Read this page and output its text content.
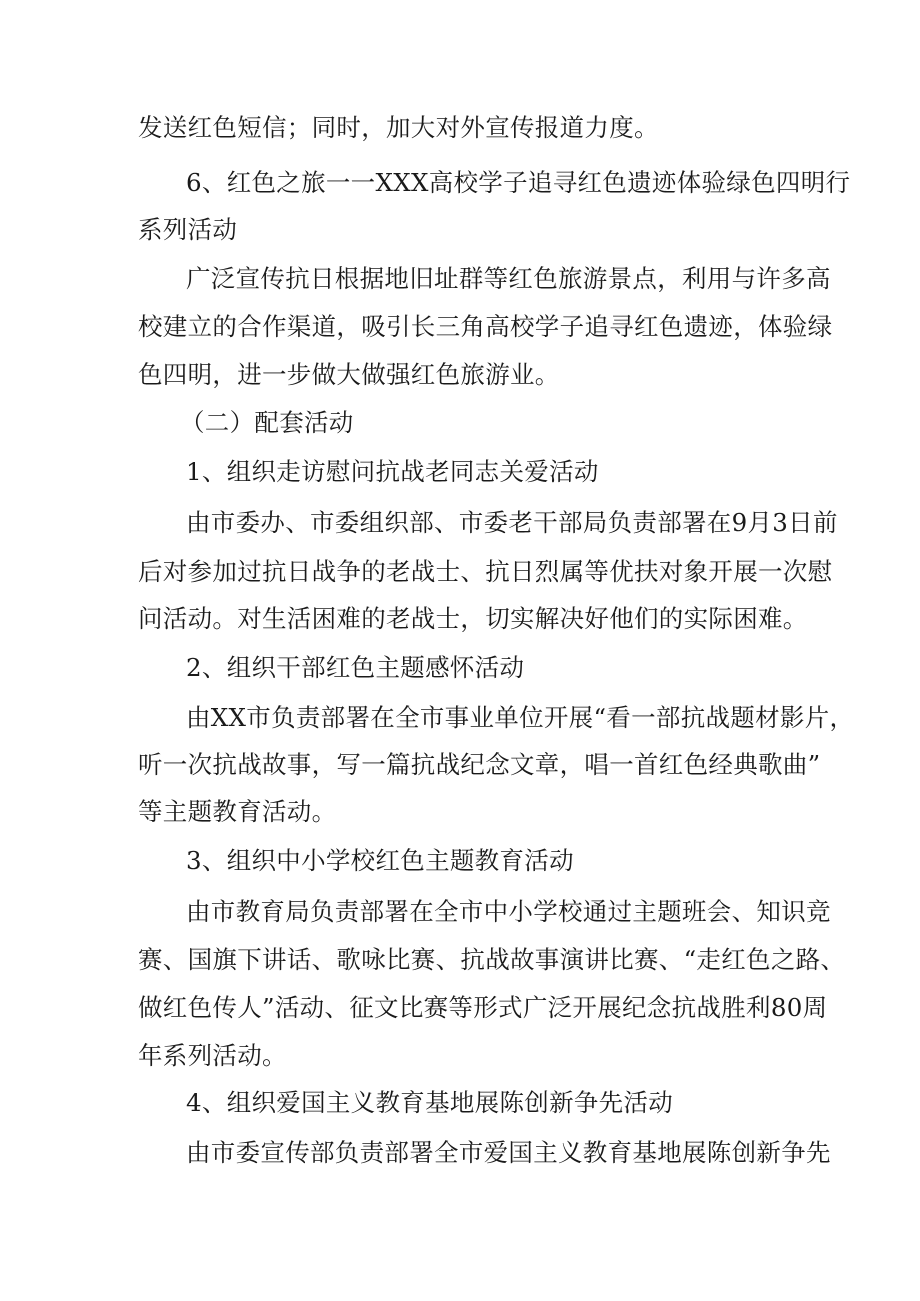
发送红色短信；同时，加大对外宣传报道力度。
6、红色之旅一一XXX高校学子追寻红色遗迹体验绿色四明行
系列活动
广泛宣传抗日根据地旧址群等红色旅游景点，利用与许多高
校建立的合作渠道，吸引长三角高校学子追寻红色遗迹，体验绿
色四明，进一步做大做强红色旅游业。
（二）配套活动
1、组织走访慰问抗战老同志关爱活动
由市委办、市委组织部、市委老干部局负责部署在9月3日前
后对参加过抗日战争的老战士、抗日烈属等优扶对象开展一次慰
问活动。对生活困难的老战士，切实解决好他们的实际困难。
2、组织干部红色主题感怀活动
由XX市负责部署在全市事业单位开展“看一部抗战题材影片，
听一次抗战故事，写一篇抗战纪念文章，唱一首红色经典歌曲”
等主题教育活动。
3、组织中小学校红色主题教育活动
由市教育局负责部署在全市中小学校通过主题班会、知识竞
赛、国旗下讲话、歌咏比赛、抗战故事演讲比赛、“走红色之路、
做红色传人”活动、征文比赛等形式广泛开展纪念抗战胜利80周
年系列活动。
4、组织爱国主义教育基地展陈创新争先活动
由市委宣传部负责部署全市爱国主义教育基地展陈创新争先
